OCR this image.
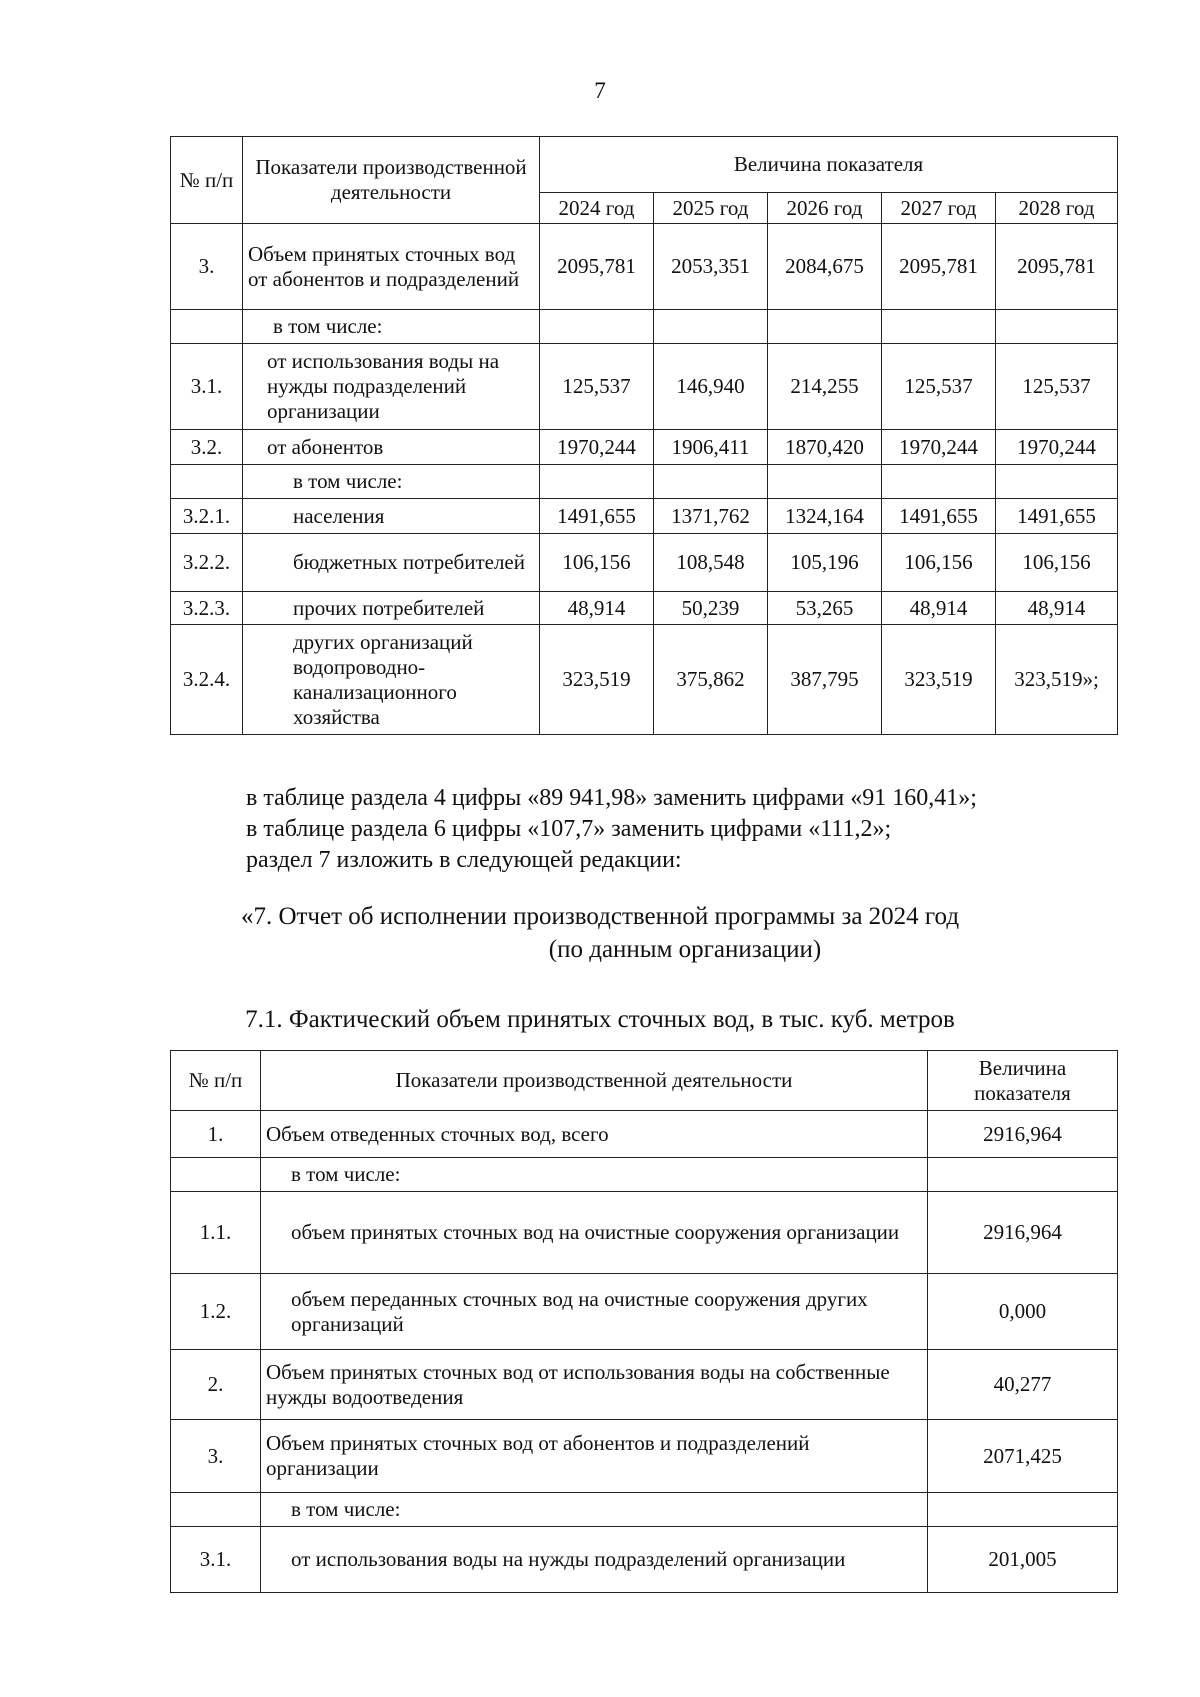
7
№ п/п	Показатели производственной деятельности	Величина показателя				
		2024 год	2025 год	2026 год	2027 год	2028 год
3.	Объем принятых сточных вод от абонентов и подразделений	2095,781	2053,351	2084,675	2095,781	2095,781
	в том числе:					
3.1.	от использования воды на нужды подразделений организации	125,537	146,940	214,255	125,537	125,537
3.2.	от абонентов	1970,244	1906,411	1870,420	1970,244	1970,244
	в том числе:					
3.2.1.	населения	1491,655	1371,762	1324,164	1491,655	1491,655
3.2.2.	бюджетных потребителей	106,156	108,548	105,196	106,156	106,156
3.2.3.	прочих потребителей	48,914	50,239	53,265	48,914	48,914
3.2.4.	других организаций водопроводно-канализационного хозяйства	323,519	375,862	387,795	323,519	323,519»;
в таблице раздела 4 цифры «89 941,98» заменить цифрами «91 160,41»;
в таблице раздела 6 цифры «107,7» заменить цифрами «111,2»;
раздел 7 изложить в следующей редакции:
«7. Отчет об исполнении производственной программы за 2024 год
(по данным организации)
7.1. Фактический объем принятых сточных вод, в тыс. куб. метров
№ п/п	Показатели производственной деятельности	Величина показателя
1.	Объем отведенных сточных вод, всего	2916,964
	в том числе:	
1.1.	объем принятых сточных вод на очистные сооружения организации	2916,964
1.2.	объем переданных сточных вод на очистные сооружения других организаций	0,000
2.	Объем принятых сточных вод от использования воды на собственные нужды водоотведения	40,277
3.	Объем принятых сточных вод от абонентов и подразделений организации	2071,425
	в том числе:	
3.1.	от использования воды на нужды подразделений организации	201,005
